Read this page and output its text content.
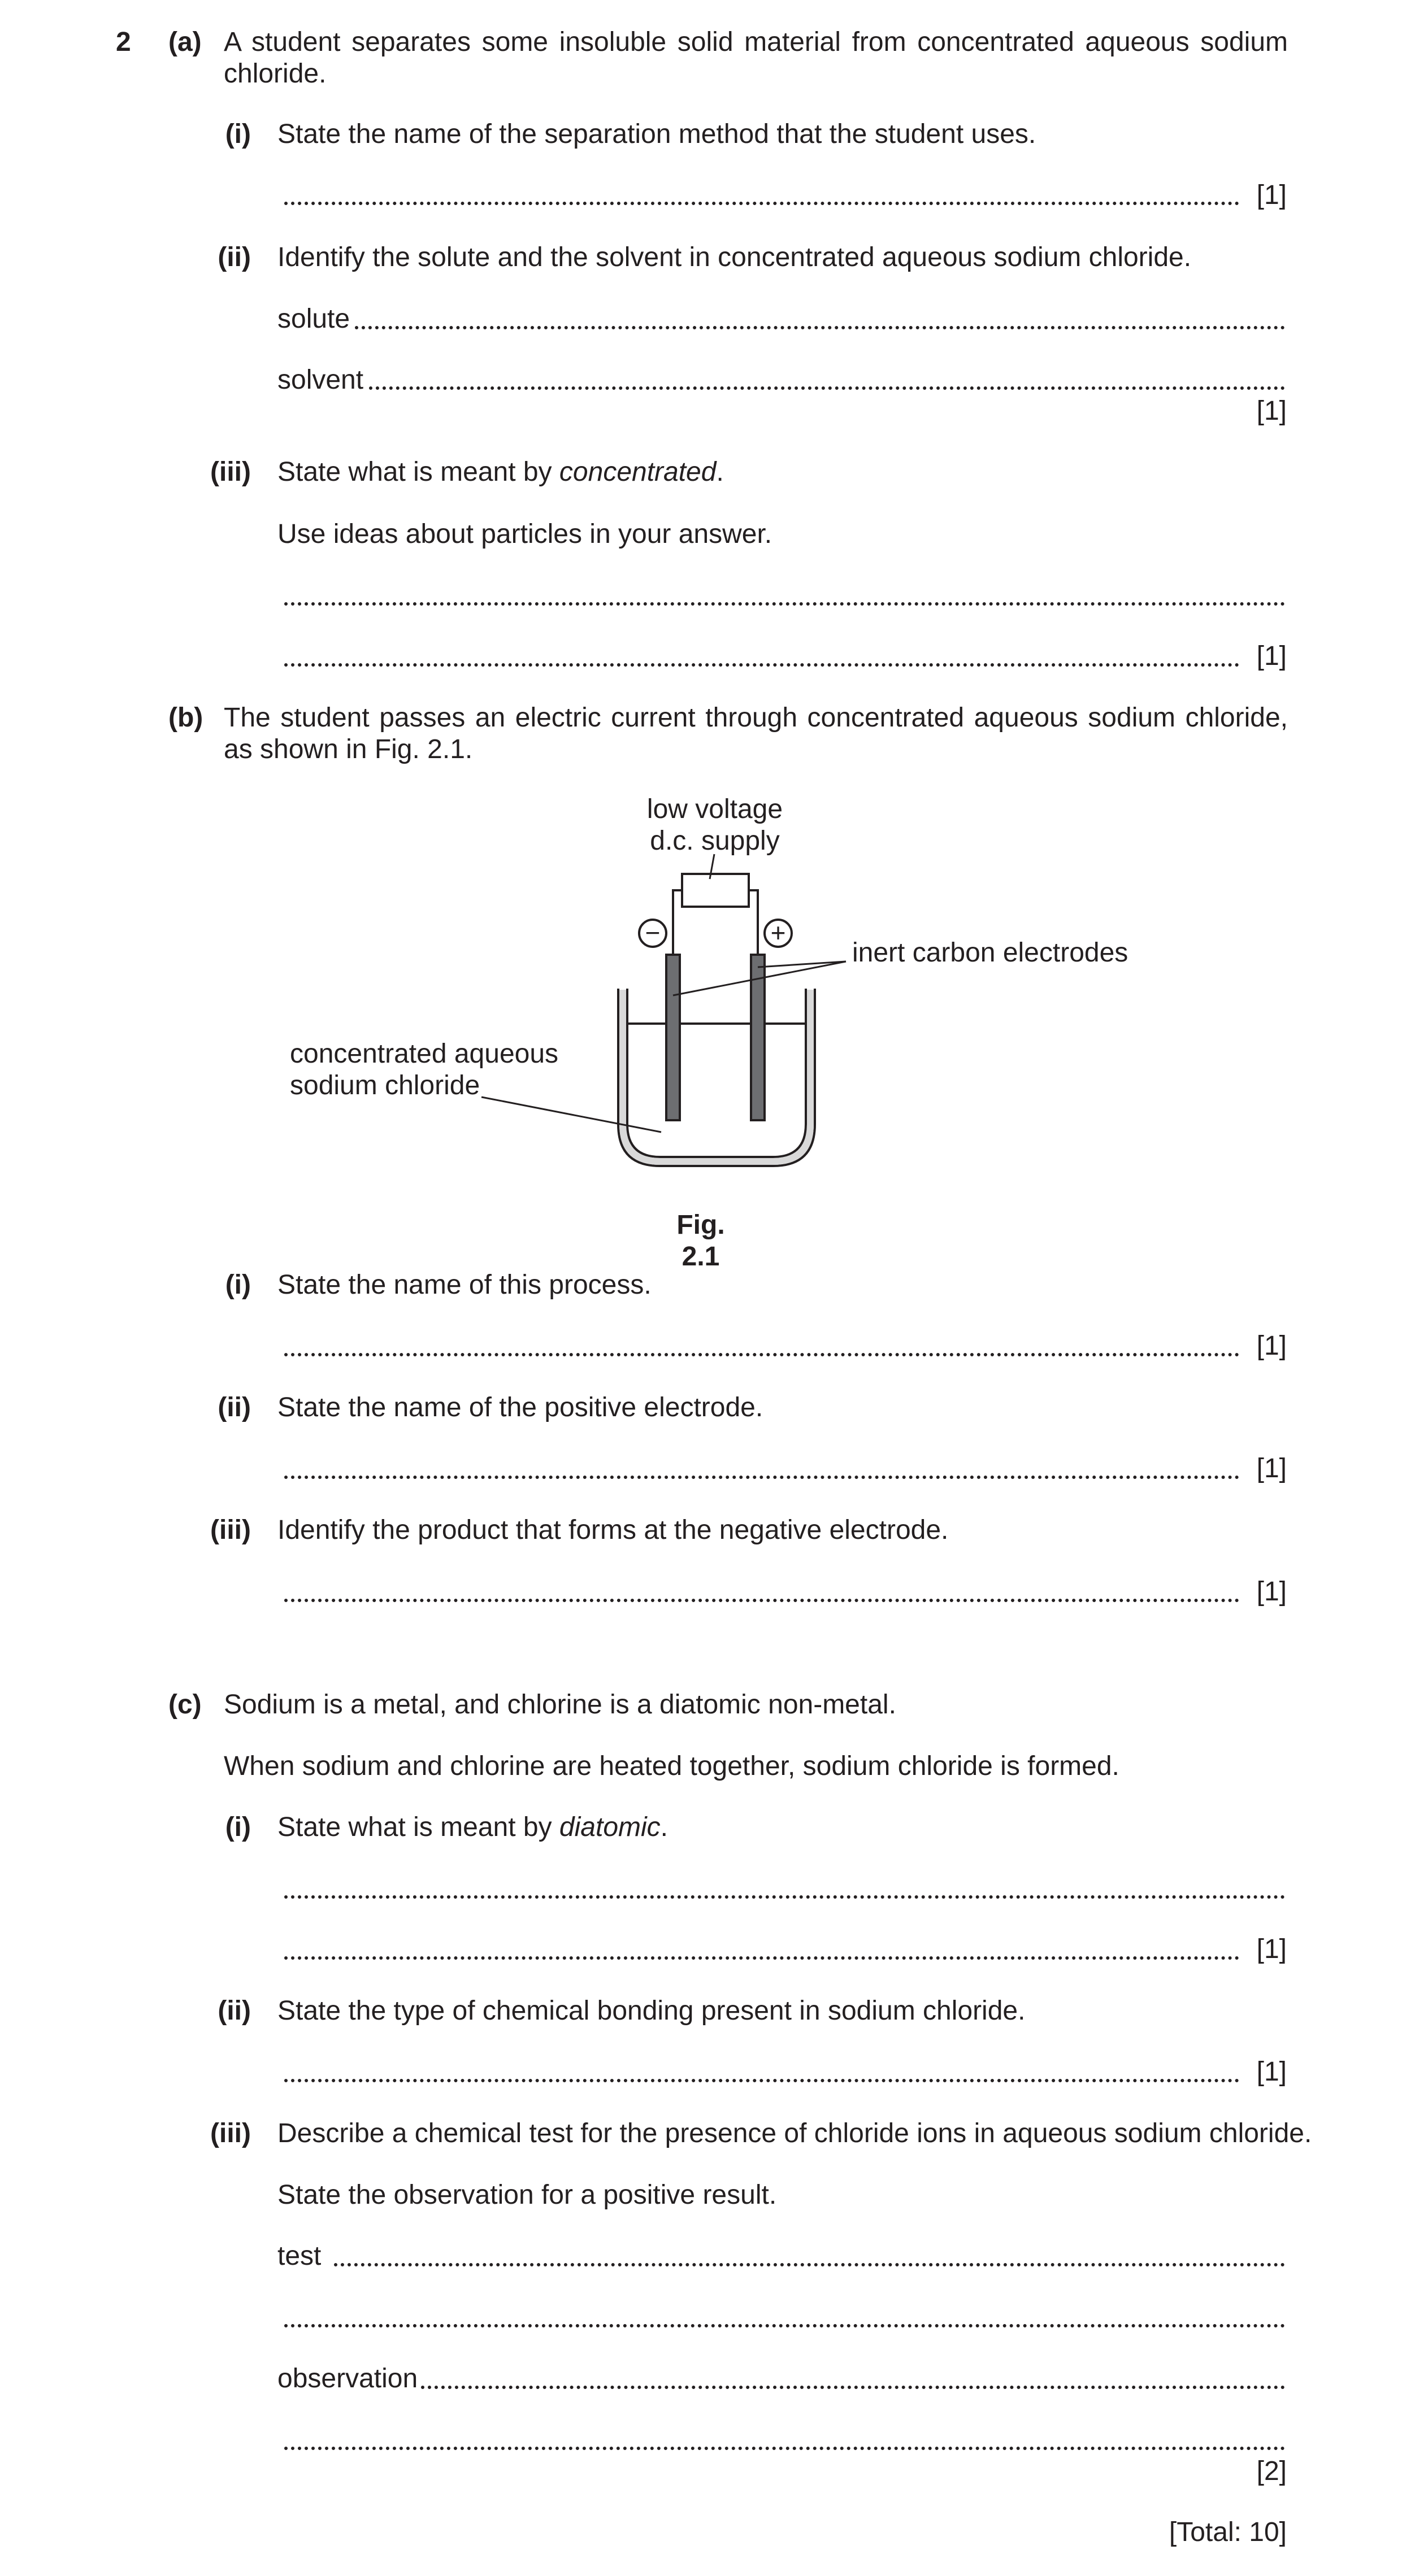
2 (a) A student separates some insoluble solid material from concentrated aqueous sodium chloride.
(i) State the name of the separation method that the student uses.
[1]
(ii) Identify the solute and the solvent in concentrated aqueous sodium chloride.
solute
solvent
[1]
(iii) State what is meant by concentrated.
Use ideas about particles in your answer.
[1]
(b) The student passes an electric current through concentrated aqueous sodium chloride, as shown in Fig. 2.1.
−	+
low voltage
d.c. supply
inert carbon electrodes
concentrated aqueous
sodium chloride
Fig. 2.1
(i) State the name of this process.
[1]
(ii) State the name of the positive electrode.
[1]
(iii) Identify the product that forms at the negative electrode.
[1]
(c) Sodium is a metal, and chlorine is a diatomic non-metal.
When sodium and chlorine are heated together, sodium chloride is formed.
(i) State what is meant by diatomic.
[1]
(ii) State the type of chemical bonding present in sodium chloride.
[1]
(iii) Describe a chemical test for the presence of chloride ions in aqueous sodium chloride.
State the observation for a positive result.
test
observation
[2]
[Total: 10]
